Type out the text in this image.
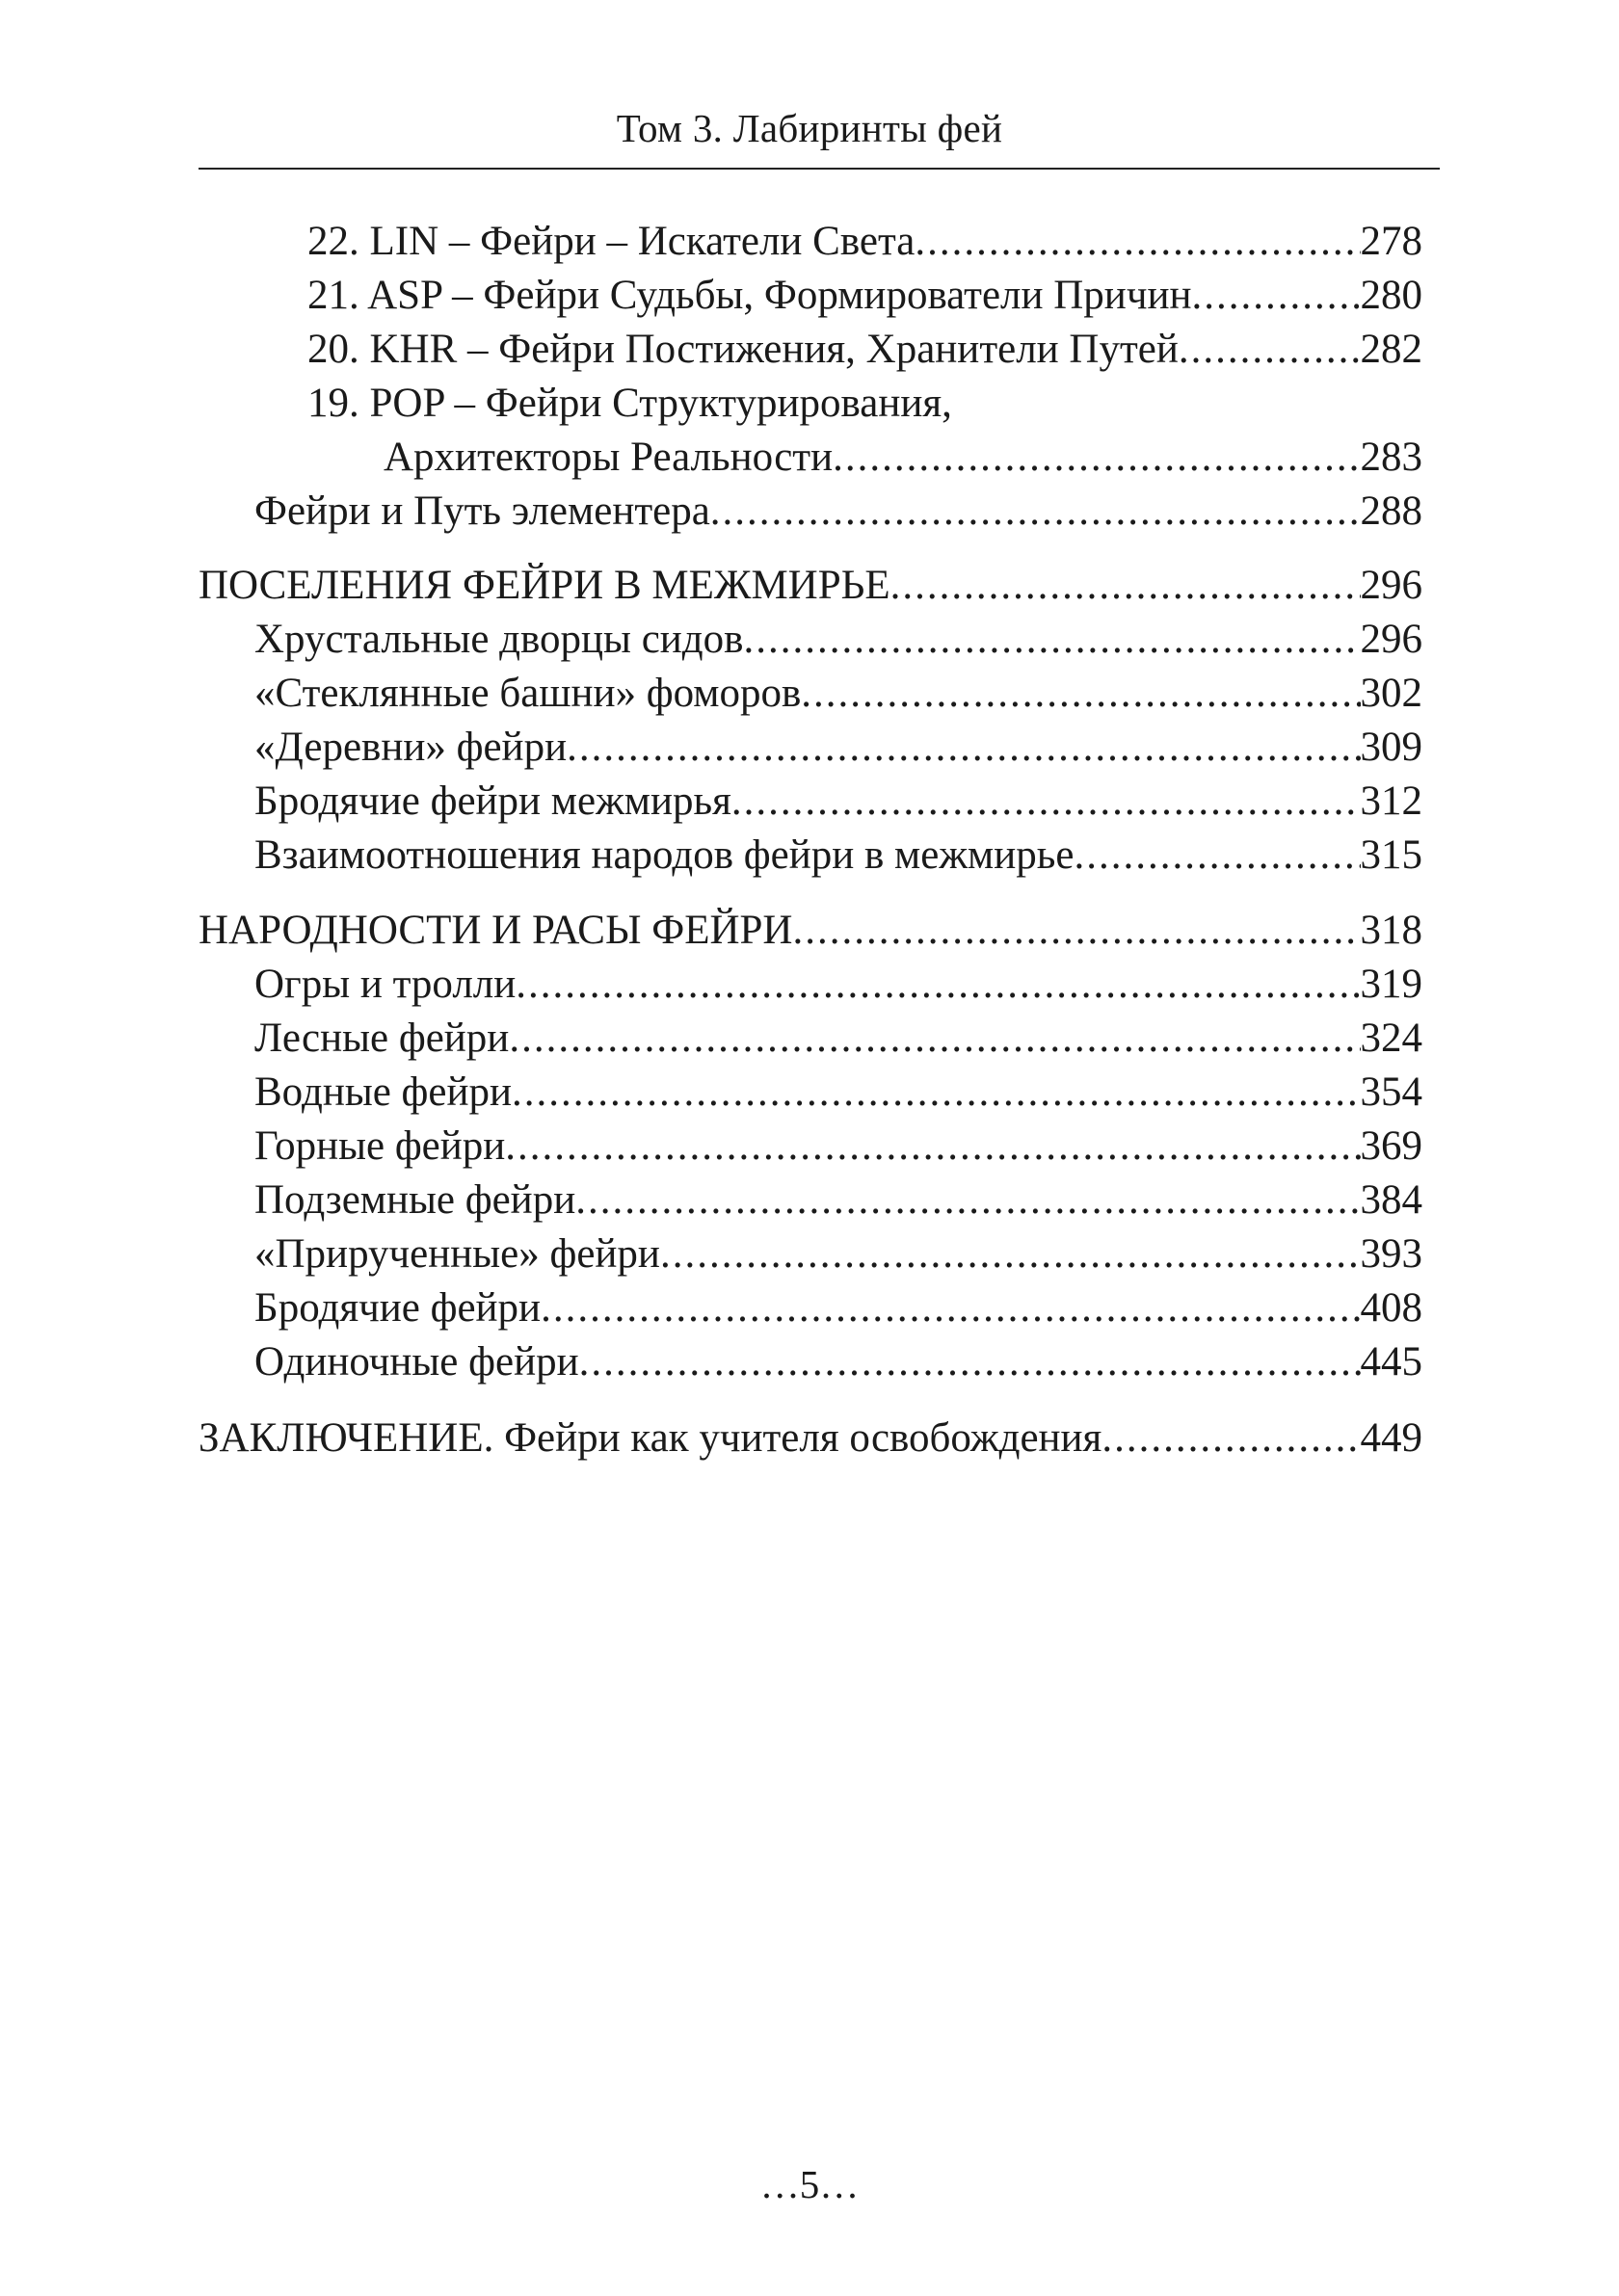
Том 3. Лабиринты фей
22. LIN – Фейри – Искатели Света .....	278
21. ASP – Фейри Судьбы, Формирователи Причин .....	280
20. KHR – Фейри Постижения, Хранители Путей .....	282
19. POP – Фейри Структурирования,
Архитекторы Реальности .....	283
Фейри и Путь элементера .....	288
ПОСЕЛЕНИЯ ФЕЙРИ В МЕЖМИРЬЕ .....	296
Хрустальные дворцы сидов .....	296
«Стеклянные башни» фоморов .....	302
«Деревни» фейри .....	309
Бродячие фейри межмирья .....	312
Взаимоотношения народов фейри в межмирье .....	315
НАРОДНОСТИ И РАСЫ ФЕЙРИ .....	318
Огры и тролли .....	319
Лесные фейри .....	324
Водные фейри .....	354
Горные фейри .....	369
Подземные фейри .....	384
«Прирученные» фейри .....	393
Бродячие фейри .....	408
Одиночные фейри .....	445
ЗАКЛЮЧЕНИЕ. Фейри как учителя освобождения .....	449
…5…
